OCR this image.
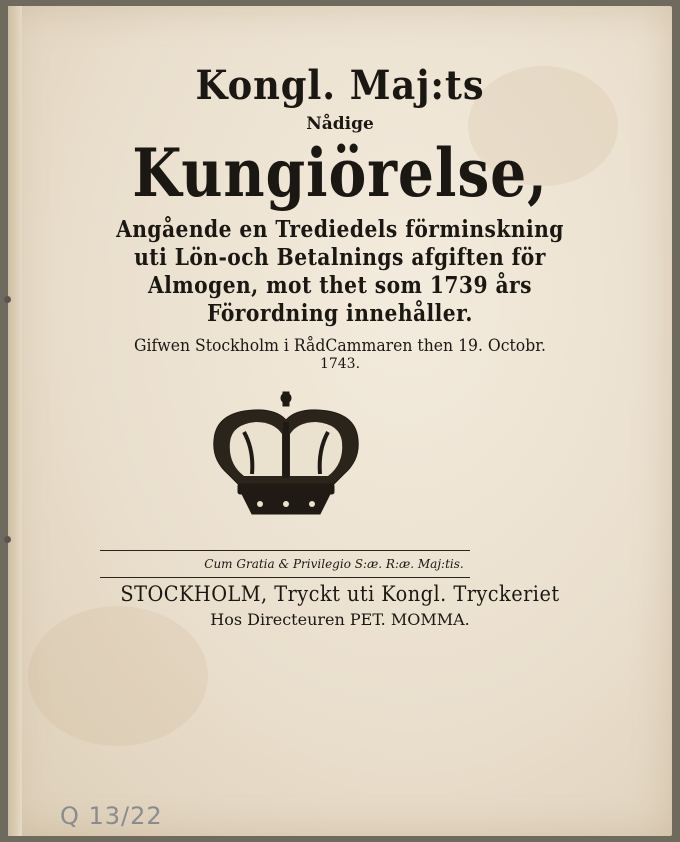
Kongl. Maj:ts
Nådige
Kungiörelse,
Angående en Trediedels förminskning
uti Lön-och Betalnings afgiften för
Almogen, mot thet som 1739 års
Förordning innehåller.
Gifwen Stockholm i RådCammaren then 19. Octobr.
1743.
Cum Gratia & Privilegio S:æ. R:æ. Maj:tis.
STOCKHOLM, Tryckt uti Kongl. Tryckeriet
Hos Directeuren PET. MOMMA.
Q 13/22
